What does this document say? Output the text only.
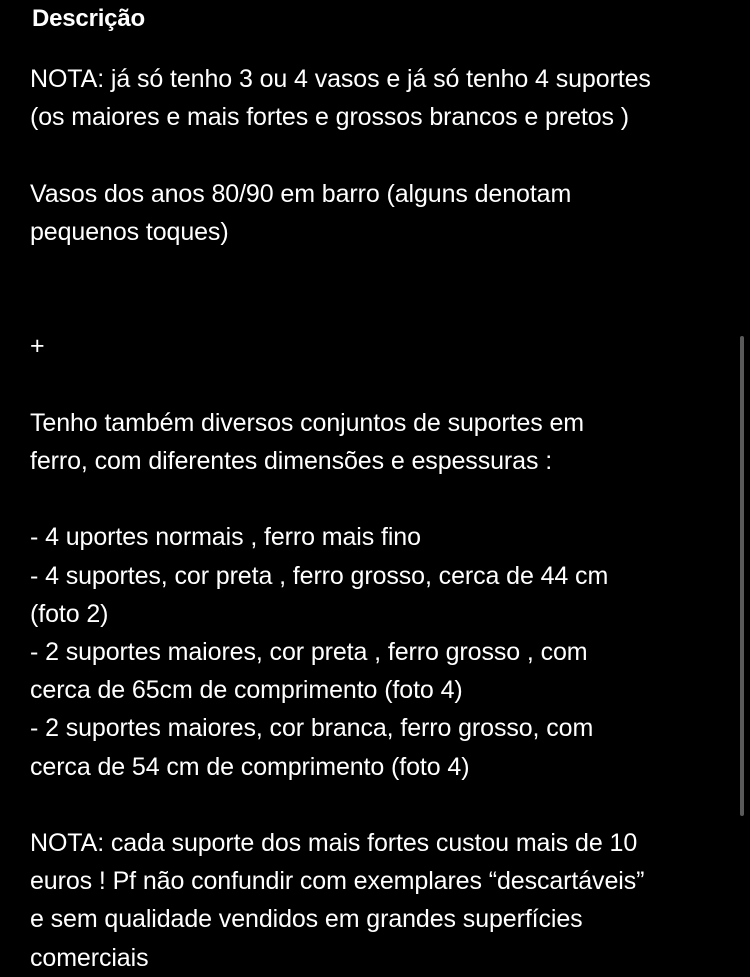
Descrição
NOTA: já só tenho 3 ou 4 vasos e já só tenho 4 suportes
(os maiores e mais fortes e grossos brancos e pretos )
Vasos dos anos 80/90 em barro (alguns denotam
pequenos toques)
+
Tenho também diversos conjuntos de suportes em
ferro, com diferentes dimensões e espessuras :
- 4 uportes normais , ferro mais fino
- 4 suportes, cor preta , ferro grosso, cerca de 44 cm
(foto 2)
- 2 suportes maiores, cor preta , ferro grosso , com
cerca de 65cm de comprimento (foto 4)
- 2 suportes maiores, cor branca, ferro grosso, com
cerca de 54 cm de comprimento (foto 4)
NOTA: cada suporte dos mais fortes custou mais de 10
euros ! Pf não confundir com exemplares “descartáveis”
e sem qualidade vendidos em grandes superfícies
comerciais
